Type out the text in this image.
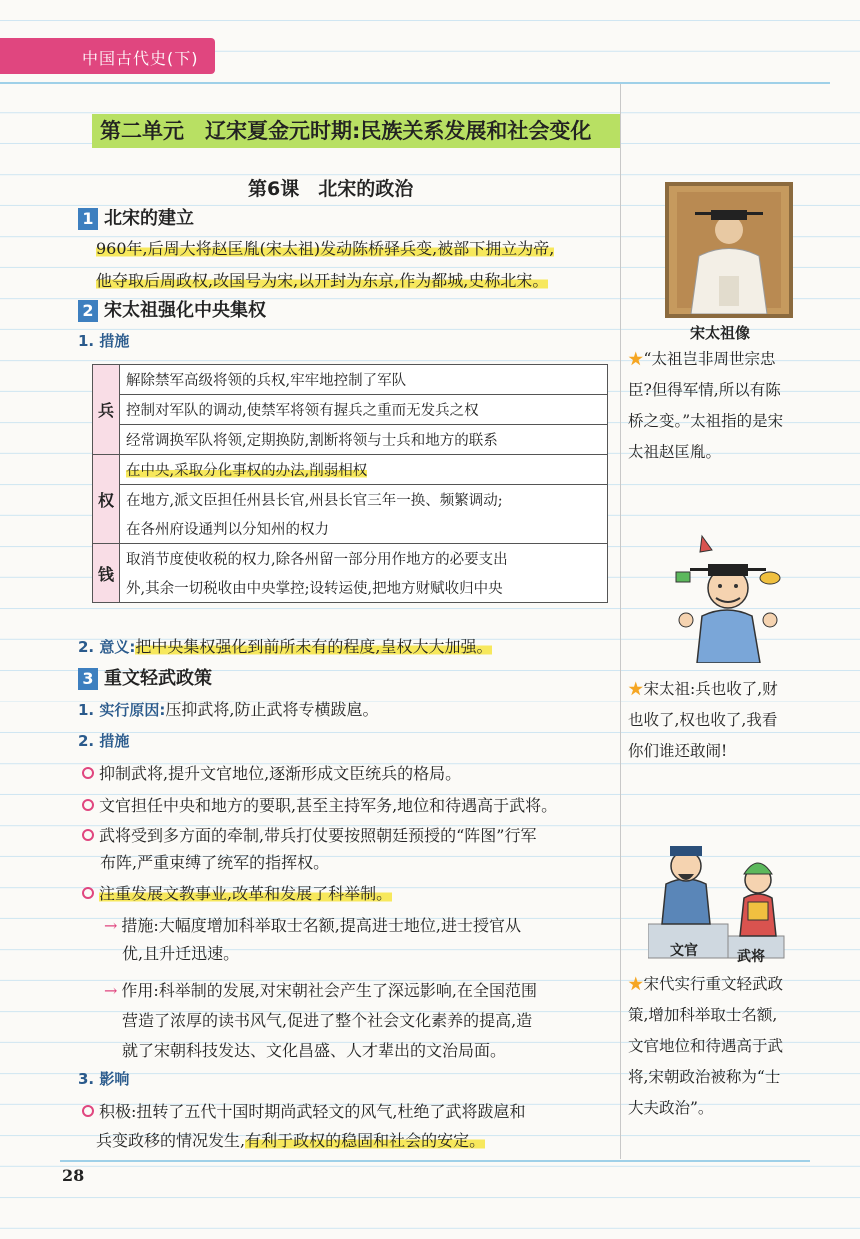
中国古代史(下)
第二单元　辽宋夏金元时期:民族关系发展和社会变化
第6课　北宋的政治
1 北宋的建立
960年,后周大将赵匡胤(宋太祖)发动陈桥驿兵变,被部下拥立为帝,
他夺取后周政权,改国号为宋,以开封为东京,作为都城,史称北宋。
2 宋太祖强化中央集权
1. 措施
兵	解除禁军高级将领的兵权,牢牢地控制了军队
	控制对军队的调动,使禁军将领有握兵之重而无发兵之权
	经常调换军队将领,定期换防,割断将领与士兵和地方的联系
权	在中央,采取分化事权的办法,削弱相权
	在地方,派文臣担任州县长官,州县长官三年一换、频繁调动;
	在各州府设通判以分知州的权力
钱	取消节度使收税的权力,除各州留一部分用作地方的必要支出
	外,其余一切税收由中央掌控;设转运使,把地方财赋收归中央
2. 意义:把中央集权强化到前所未有的程度,皇权大大加强。
3 重文轻武政策
1. 实行原因:压抑武将,防止武将专横跋扈。
2. 措施
抑制武将,提升文官地位,逐渐形成文臣统兵的格局。
文官担任中央和地方的要职,甚至主持军务,地位和待遇高于武将。
武将受到多方面的牵制,带兵打仗要按照朝廷预授的“阵图”行军
布阵,严重束缚了统军的指挥权。
注重发展文教事业,改革和发展了科举制。
→ 措施:大幅度增加科举取士名额,提高进士地位,进士授官从
优,且升迁迅速。
→ 作用:科举制的发展,对宋朝社会产生了深远影响,在全国范围
营造了浓厚的读书风气,促进了整个社会文化素养的提高,造
就了宋朝科技发达、文化昌盛、人才辈出的文治局面。
3. 影响
积极:扭转了五代十国时期尚武轻文的风气,杜绝了武将跋扈和
兵变政移的情况发生,有利于政权的稳固和社会的安定。
宋太祖像
★“太祖岂非周世宗忠
臣?但得军情,所以有陈
桥之变。”太祖指的是宋
太祖赵匡胤。
★宋太祖:兵也收了,财
也收了,权也收了,我看
你们谁还敢闹!
文官	武将
★宋代实行重文轻武政
策,增加科举取士名额,
文官地位和待遇高于武
将,宋朝政治被称为“士
大夫政治”。
28
